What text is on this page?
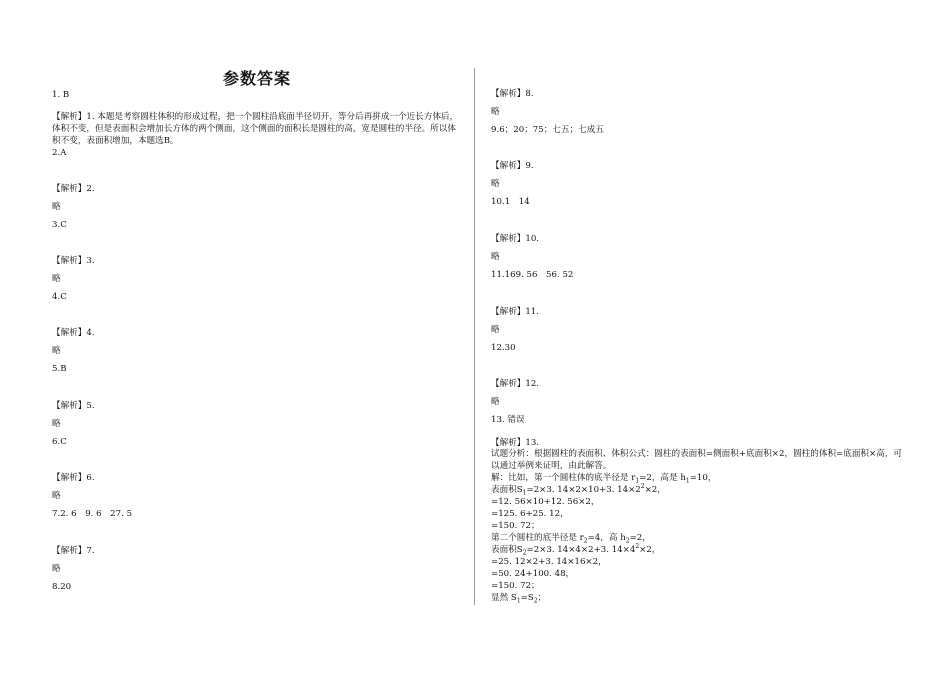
参数答案
1. B
【解析】1. 本题是考察圆柱体积的形成过程，把一个圆柱沿底面半径切开，等分后再拼成一个近长方体后，体积不变，但是表面积会增加长方体的两个侧面，这个侧面的面积长是圆柱的高，宽是圆柱的半径。所以体积不变，表面积增加，本题选B。
2.A
【解析】2.
略
3.C
【解析】3.
略
4.C
【解析】4.
略
5.B
【解析】5.
略
6.C
【解析】6.
略
7.2. 6　9. 6　27. 5
【解析】7.
略
8.20
【解析】8.
略
9.6；20；75；七五；七成五
【解析】9.
略
10.1　14
【解析】10.
略
11.169. 56　56. 52
【解析】11.
略
12.30
【解析】12.
略
13. 错误
【解析】13.
试题分析：根据圆柱的表面积、体积公式：圆柱的表面积=侧面积+底面积×2，圆柱的体积=底面积×高，可以通过举例来证明，由此解答。
解：比如，第一个圆柱体的底半径是 $r_1=2$，高是 $h_1=10$，
表面积$S_1=2\times 3$. 14×2×10+3. $14\times 2^2\times 2$，
=12. 56×10+12. 56×2，
=125. 6+25. 12，
=150. 72；
第二个圆柱的底半径是 $r_2=4$，高 $h_2=2$，
表面积$S_2=2\times 3$. 14×4×2+3. $14\times 4^2\times 2$，
=25. 12×2+3. 14×16×2，
=50. 24+100. 48，
=150. 72；
显然 $S_1=S_2$；
